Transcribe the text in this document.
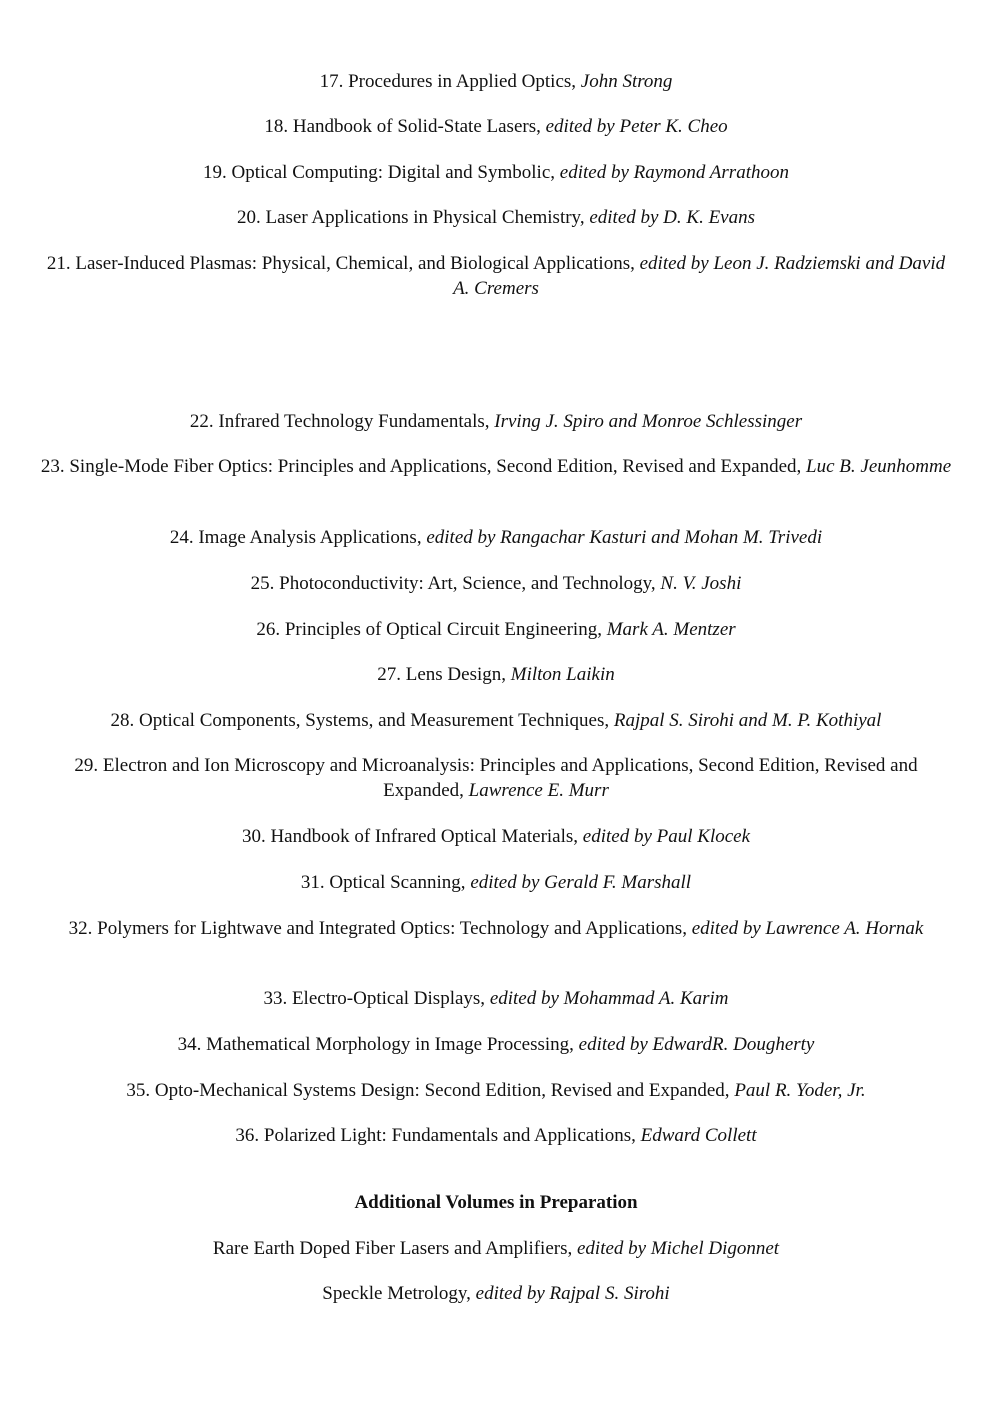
17. Procedures in Applied Optics, John Strong
18. Handbook of Solid-State Lasers, edited by Peter K. Cheo
19. Optical Computing: Digital and Symbolic, edited by Raymond Arrathoon
20. Laser Applications in Physical Chemistry, edited by D. K. Evans
21. Laser-Induced Plasmas: Physical, Chemical, and Biological Applications, edited by Leon J. Radziemski and David A. Cremers
22. Infrared Technology Fundamentals, Irving J. Spiro and Monroe Schlessinger
23. Single-Mode Fiber Optics: Principles and Applications, Second Edition, Revised and Expanded, Luc B. Jeunhomme
24. Image Analysis Applications, edited by Rangachar Kasturi and Mohan M. Trivedi
25. Photoconductivity: Art, Science, and Technology, N. V. Joshi
26. Principles of Optical Circuit Engineering, Mark A. Mentzer
27. Lens Design, Milton Laikin
28. Optical Components, Systems, and Measurement Techniques, Rajpal S. Sirohi and M. P. Kothiyal
29. Electron and Ion Microscopy and Microanalysis: Principles and Applications, Second Edition, Revised and Expanded, Lawrence E. Murr
30. Handbook of Infrared Optical Materials, edited by Paul Klocek
31. Optical Scanning, edited by Gerald F. Marshall
32. Polymers for Lightwave and Integrated Optics: Technology and Applications, edited by Lawrence A. Hornak
33. Electro-Optical Displays, edited by Mohammad A. Karim
34. Mathematical Morphology in Image Processing, edited by EdwardR. Dougherty
35. Opto-Mechanical Systems Design: Second Edition, Revised and Expanded, Paul R. Yoder, Jr.
36. Polarized Light: Fundamentals and Applications, Edward Collett
Additional Volumes in Preparation
Rare Earth Doped Fiber Lasers and Amplifiers, edited by Michel Digonnet
Speckle Metrology, edited by Rajpal S. Sirohi
